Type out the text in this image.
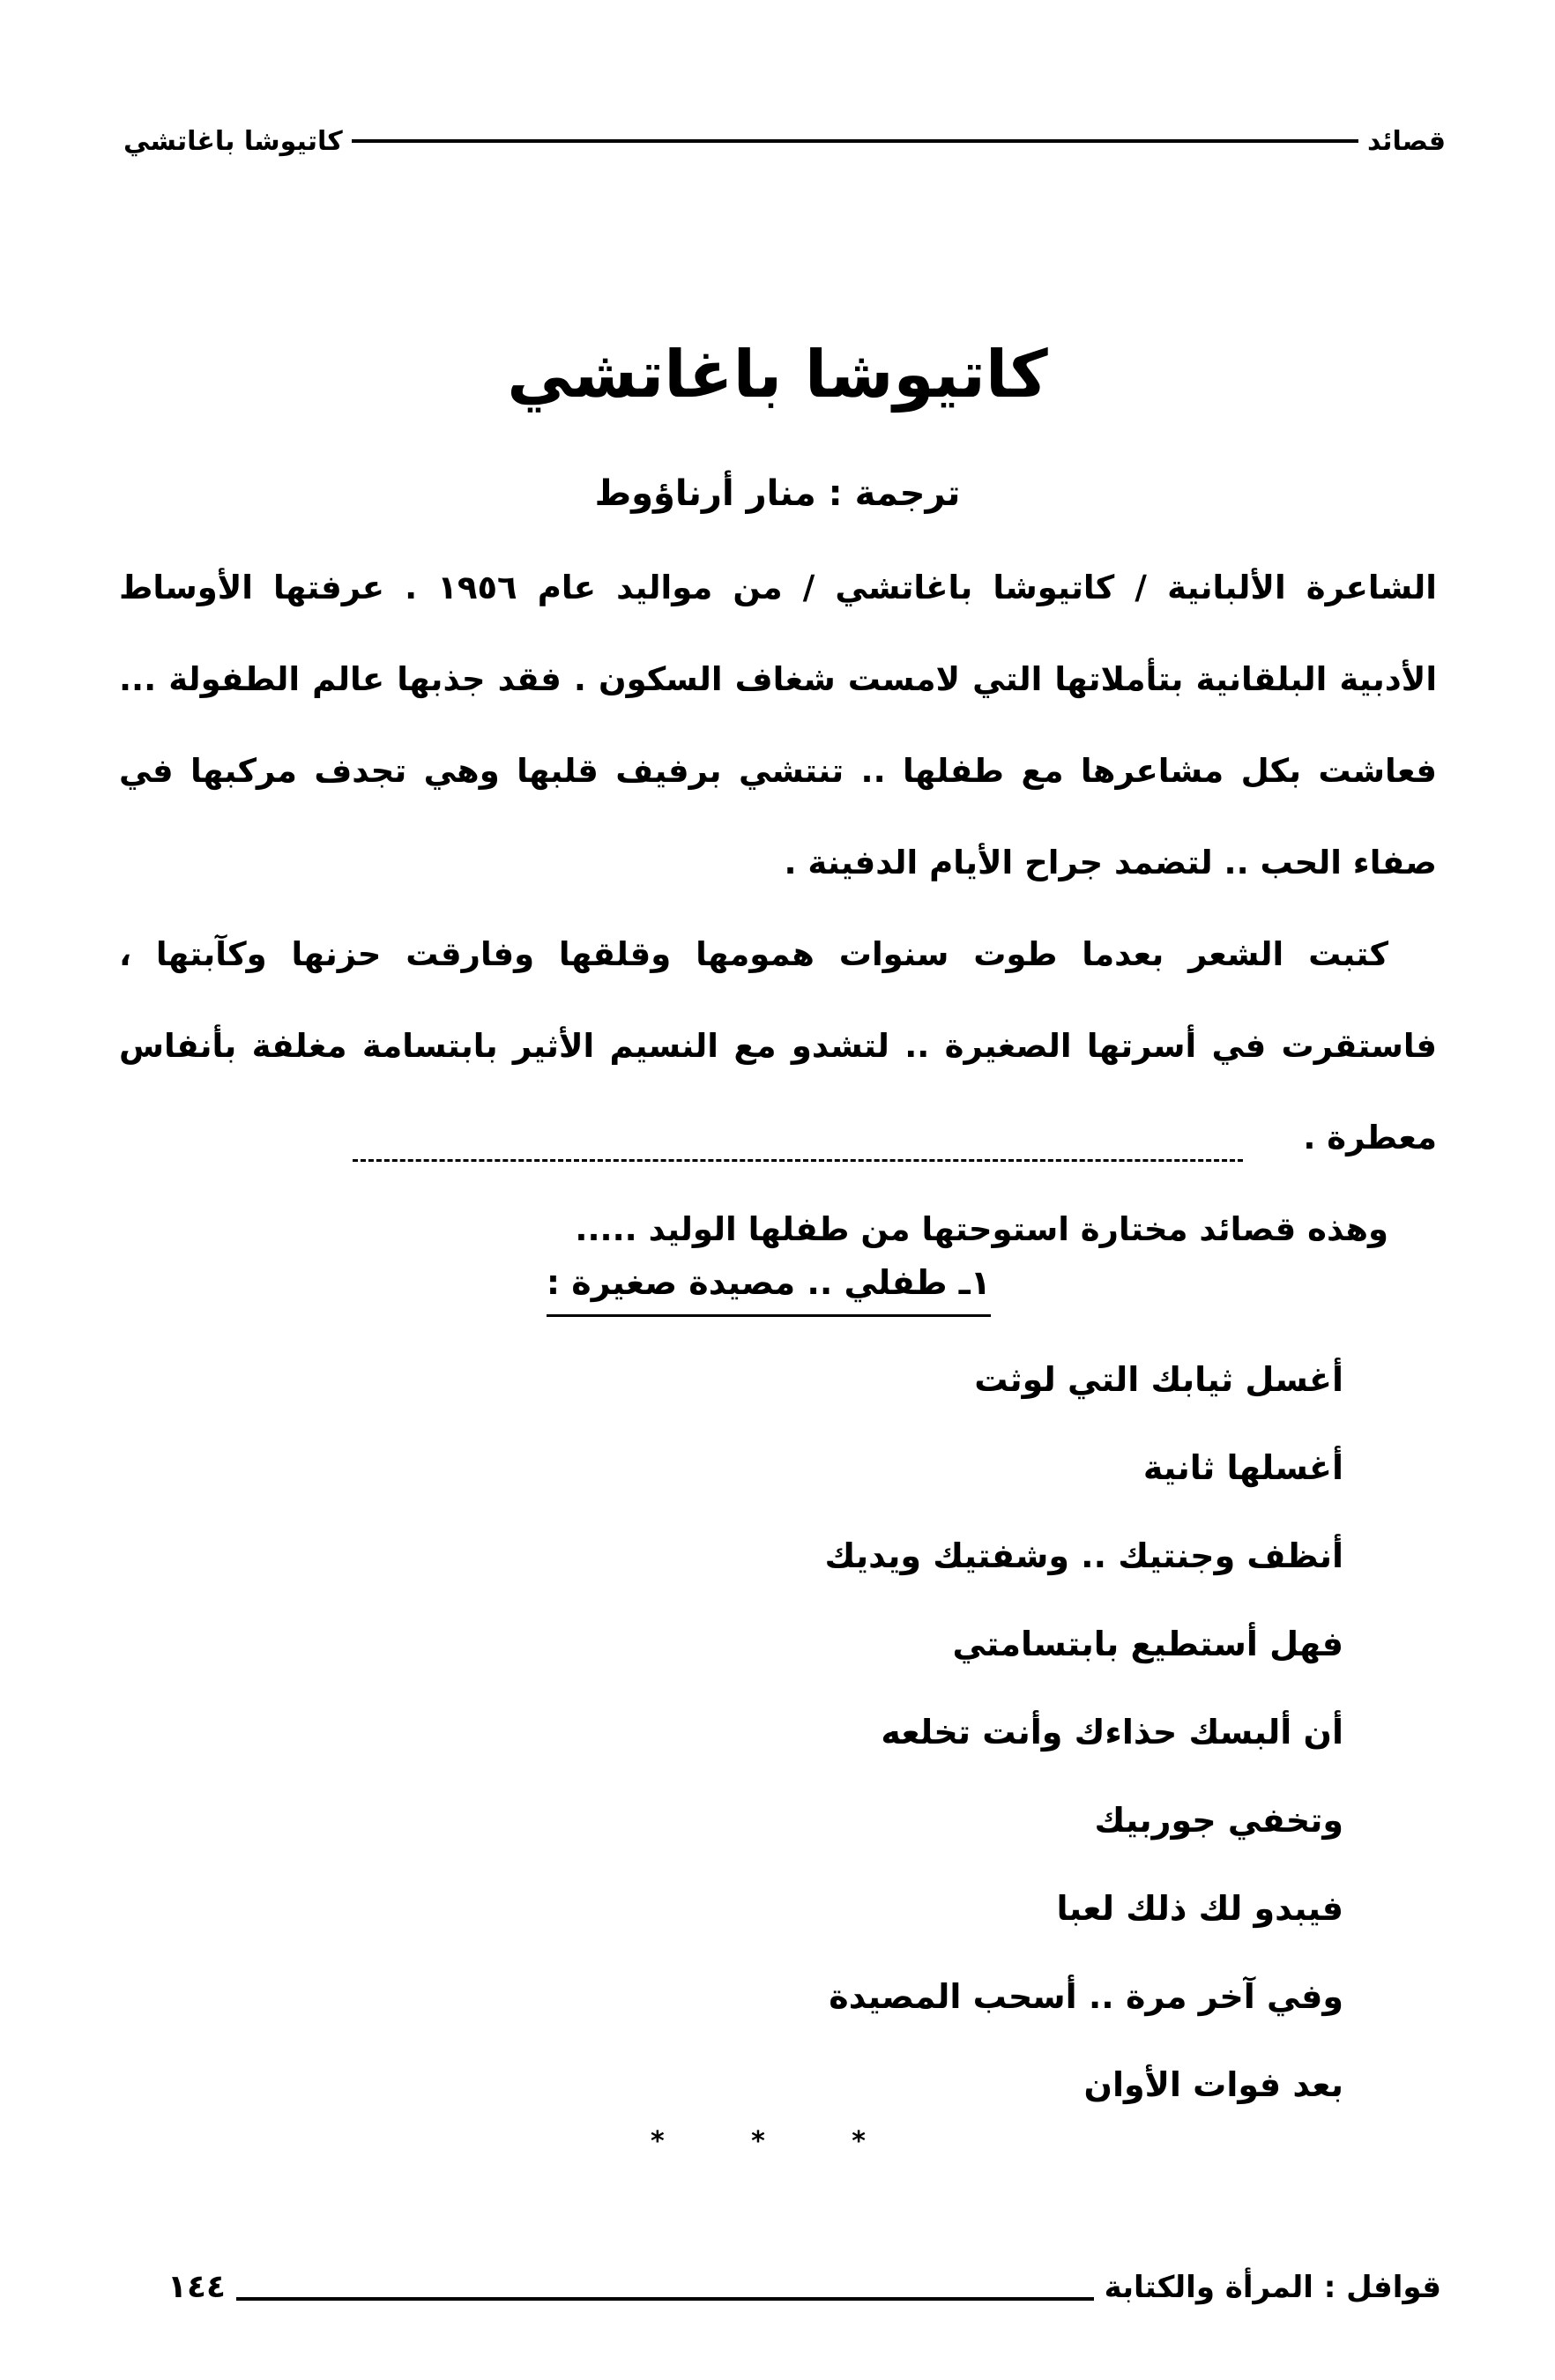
قصائد
كاتيوشا باغاتشي
كاتيوشا باغاتشي
ترجمة : منار أرناؤوط

الشاعرة الألبانية / كاتيوشا باغاتشي / من مواليد عام ١٩٥٦ . عرفتها الأوساط الأدبية البلقانية بتأملاتها التي لامست شغاف السكون . فقد جذبها عالم الطفولة ... فعاشت بكل مشاعرها مع طفلها .. تنتشي برفيف قلبها وهي تجدف مركبها في صفاء الحب .. لتضمد جراح الأيام الدفينة .

كتبت الشعر بعدما طوت سنوات همومها وقلقها وفارقت حزنها وكآبتها ، فاستقرت في أسرتها الصغيرة .. لتشدو مع النسيم الأثير بابتسامة مغلفة بأنفاس معطرة .

وهذه قصائد مختارة استوحتها من طفلها الوليد .....

١ـ طفلي .. مصيدة صغيرة :
أغسل ثيابك التي لوثت
أغسلها ثانية
أنظف وجنتيك .. وشفتيك ويديك
فهل أستطيع بابتسامتي
أن ألبسك حذاءك وأنت تخلعه
وتخفي جوربيك
فيبدو لك ذلك لعبا
وفي آخر مرة .. أسحب المصيدة
بعد فوات الأوان
* * *
قوافل : المرأة والكتابة
١٤٤
